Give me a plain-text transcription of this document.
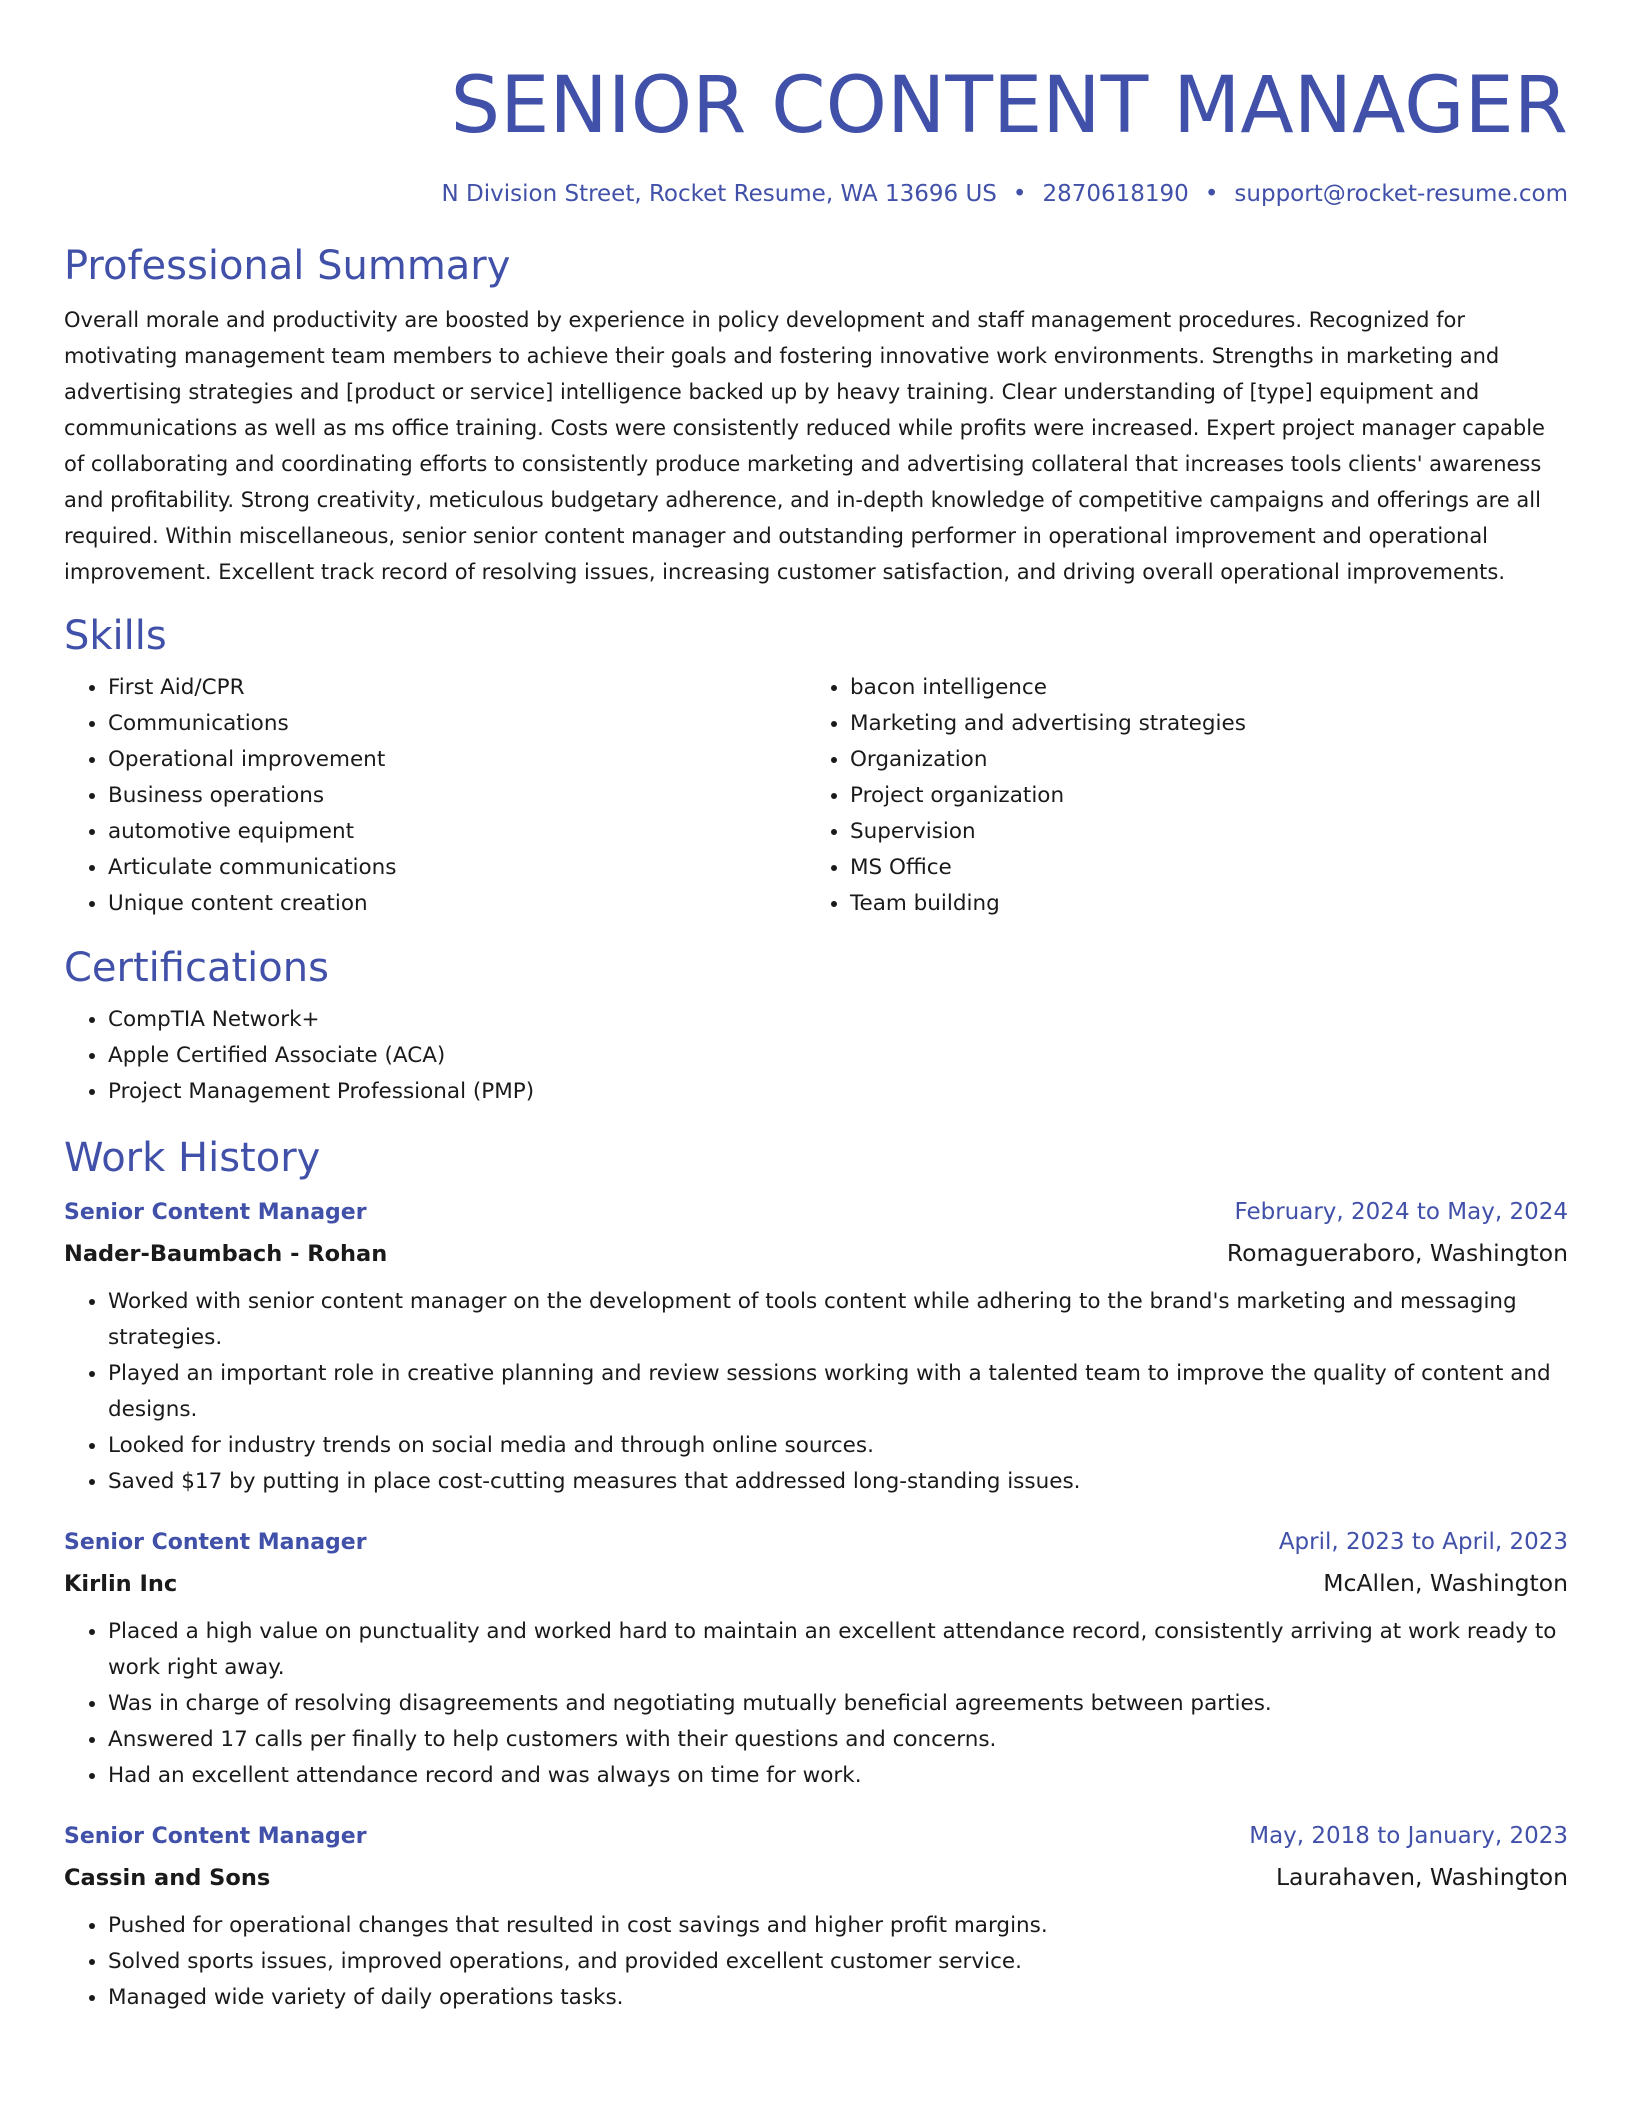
SENIOR CONTENT MANAGER
N Division Street, Rocket Resume, WA 13696 US • 2870618190 • support@rocket-resume.com
Professional Summary

Overall morale and productivity are boosted by experience in policy development and staff management procedures. Recognized for motivating management team members to achieve their goals and fostering innovative work environments. Strengths in marketing and advertising strategies and [product or service] intelligence backed up by heavy training. Clear understanding of [type] equipment and communications as well as ms office training. Costs were consistently reduced while profits were increased. Expert project manager capable of collaborating and coordinating efforts to consistently produce marketing and advertising collateral that increases tools clients' awareness and profitability. Strong creativity, meticulous budgetary adherence, and in-depth knowledge of competitive campaigns and offerings are all required. Within miscellaneous, senior senior content manager and outstanding performer in operational improvement and operational improvement. Excellent track record of resolving issues, increasing customer satisfaction, and driving overall operational improvements.

Skills
• First Aid/CPR
• Communications
• Operational improvement
• Business operations
• automotive equipment
• Articulate communications
• Unique content creation
• bacon intelligence
• Marketing and advertising strategies
• Organization
• Project organization
• Supervision
• MS Office
• Team building
Certifications
• CompTIA Network+
• Apple Certified Associate (ACA)
• Project Management Professional (PMP)
Work History
Senior Content Manager	February, 2024 to May, 2024
Nader-Baumbach - Rohan	Romagueraboro, Washington
• Worked with senior content manager on the development of tools content while adhering to the brand's marketing and messaging strategies.
• Played an important role in creative planning and review sessions working with a talented team to improve the quality of content and designs.
• Looked for industry trends on social media and through online sources.
• Saved $17 by putting in place cost-cutting measures that addressed long-standing issues.
Senior Content Manager	April, 2023 to April, 2023
Kirlin Inc	McAllen, Washington
• Placed a high value on punctuality and worked hard to maintain an excellent attendance record, consistently arriving at work ready to work right away.
• Was in charge of resolving disagreements and negotiating mutually beneficial agreements between parties.
• Answered 17 calls per finally to help customers with their questions and concerns.
• Had an excellent attendance record and was always on time for work.
Senior Content Manager	May, 2018 to January, 2023
Cassin and Sons	Laurahaven, Washington
• Pushed for operational changes that resulted in cost savings and higher profit margins.
• Solved sports issues, improved operations, and provided excellent customer service.
• Managed wide variety of daily operations tasks.
